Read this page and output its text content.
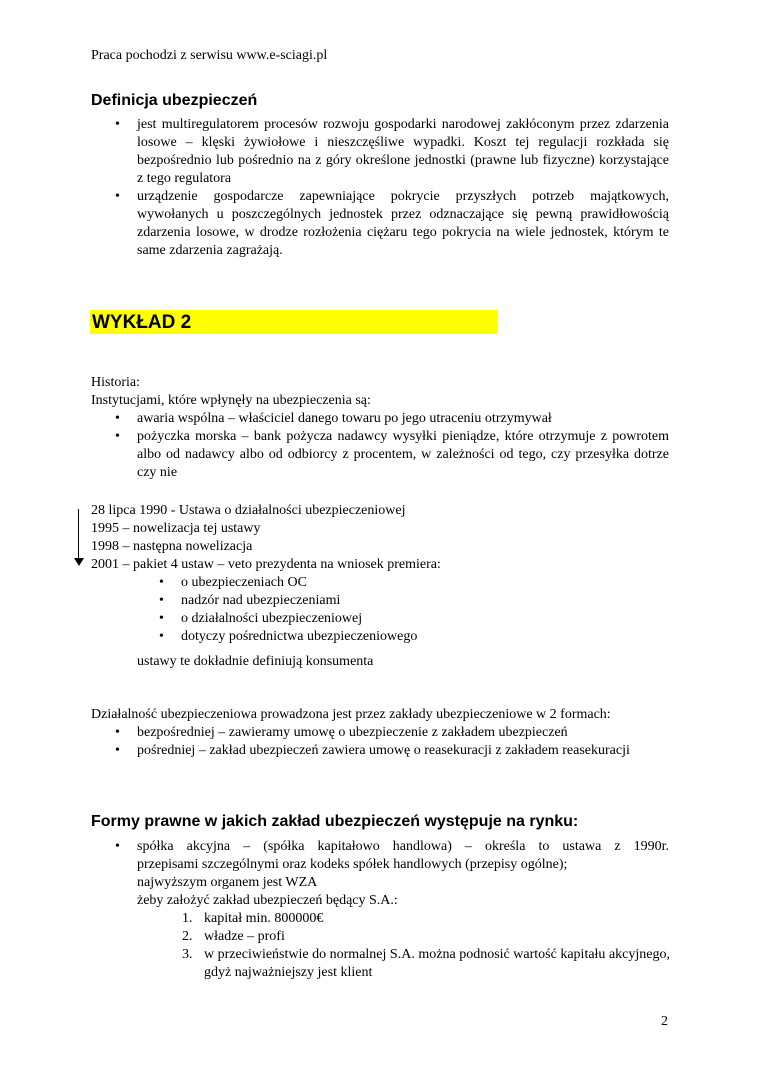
Praca pochodzi z serwisu www.e-sciagi.pl
Definicja ubezpieczeń
• jest multiregulatorem procesów rozwoju gospodarki narodowej zakłóconym przez zdarzenia losowe – klęski żywiołowe i nieszczęśliwe wypadki. Koszt tej regulacji rozkłada się bezpośrednio lub pośrednio na z góry określone jednostki (prawne lub fizyczne) korzystające z tego regulatora
• urządzenie gospodarcze zapewniające pokrycie przyszłych potrzeb majątkowych, wywołanych u poszczególnych jednostek przez odznaczające się pewną prawidłowością zdarzenia losowe, w drodze rozłożenia ciężaru tego pokrycia na wiele jednostek, którym te same zdarzenia zagrażają.
WYKŁAD 2
Historia:
Instytucjami, które wpłynęły na ubezpieczenia są:
• awaria wspólna – właściciel danego towaru po jego utraceniu otrzymywał
• pożyczka morska – bank pożycza nadawcy wysyłki pieniądze, które otrzymuje z powrotem albo od nadawcy albo od odbiorcy z procentem, w zależności od tego, czy przesyłka dotrze czy nie
28 lipca 1990 - Ustawa o działalności ubezpieczeniowej
1995 – nowelizacja tej ustawy
1998 – następna nowelizacja
2001 – pakiet 4 ustaw – veto prezydenta na wniosek premiera:
• o ubezpieczeniach OC
• nadzór nad ubezpieczeniami
• o działalności ubezpieczeniowej
• dotyczy pośrednictwa ubezpieczeniowego
ustawy te dokładnie definiują konsumenta
Działalność ubezpieczeniowa prowadzona jest przez zakłady ubezpieczeniowe w 2 formach:
• bezpośredniej – zawieramy umowę o ubezpieczenie z zakładem ubezpieczeń
• pośredniej – zakład ubezpieczeń zawiera umowę o reasekuracji z zakładem reasekuracji
Formy prawne w jakich zakład ubezpieczeń występuje na rynku:
• spółka akcyjna – (spółka kapitałowo handlowa) – określa to ustawa z 1990r.
przepisami szczególnymi oraz kodeks spółek handlowych (przepisy ogólne);
najwyższym organem jest WZA
żeby założyć zakład ubezpieczeń będący S.A.:
1. kapitał min. 800000€
2. władze – profi
3. w przeciwieństwie do normalnej S.A. można podnosić wartość kapitału akcyjnego, gdyż najważniejszy jest klient
2
